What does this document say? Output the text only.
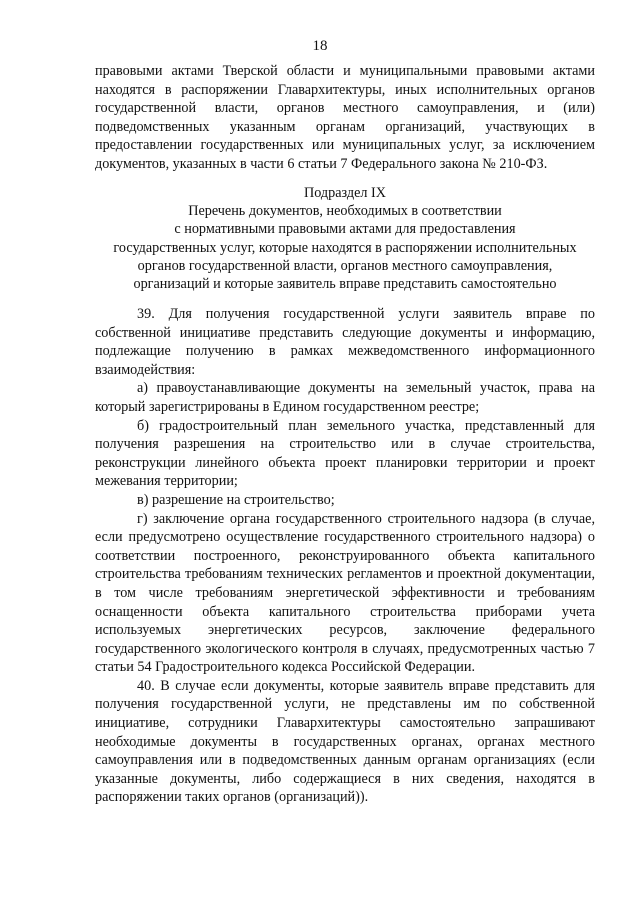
18

правовыми актами Тверской области и муниципальными правовыми актами находятся в распоряжении Главархитектуры, иных исполнительных органов государственной власти, органов местного самоуправления, и (или) подведомственных указанным органам организаций, участвующих в предоставлении государственных или муниципальных услуг, за исключением документов, указанных в части 6 статьи 7 Федерального закона № 210-ФЗ.

Подраздел IX

Перечень документов, необходимых в соответствии

с нормативными правовыми актами для предоставления

государственных услуг, которые находятся в распоряжении исполнительных

органов государственной власти, органов местного самоуправления,

организаций и которые заявитель вправе представить самостоятельно

39. Для получения государственной услуги заявитель вправе по собственной инициативе представить следующие документы и информацию, подлежащие получению в рамках межведомственного информационного взаимодействия:

а) правоустанавливающие документы на земельный участок, права на который зарегистрированы в Едином государственном реестре;

б) градостроительный план земельного участка, представленный для получения разрешения на строительство или в случае строительства, реконструкции линейного объекта проект планировки территории и проект межевания территории;

в) разрешение на строительство;

г) заключение органа государственного строительного надзора (в случае, если предусмотрено осуществление государственного строительного надзора) о соответствии построенного, реконструированного объекта капитального строительства требованиям технических регламентов и проектной документации, в том числе требованиям энергетической эффективности и требованиям оснащенности объекта капитального строительства приборами учета используемых энергетических ресурсов, заключение федерального государственного экологического контроля в случаях, предусмотренных частью 7 статьи 54 Градостроительного кодекса Российской Федерации.

40. В случае если документы, которые заявитель вправе представить для получения государственной услуги, не представлены им по собственной инициативе, сотрудники Главархитектуры самостоятельно запрашивают необходимые документы в государственных органах, органах местного самоуправления или в подведомственных данным органам организациях (если указанные документы, либо содержащиеся в них сведения, находятся в распоряжении таких органов (организаций)).
